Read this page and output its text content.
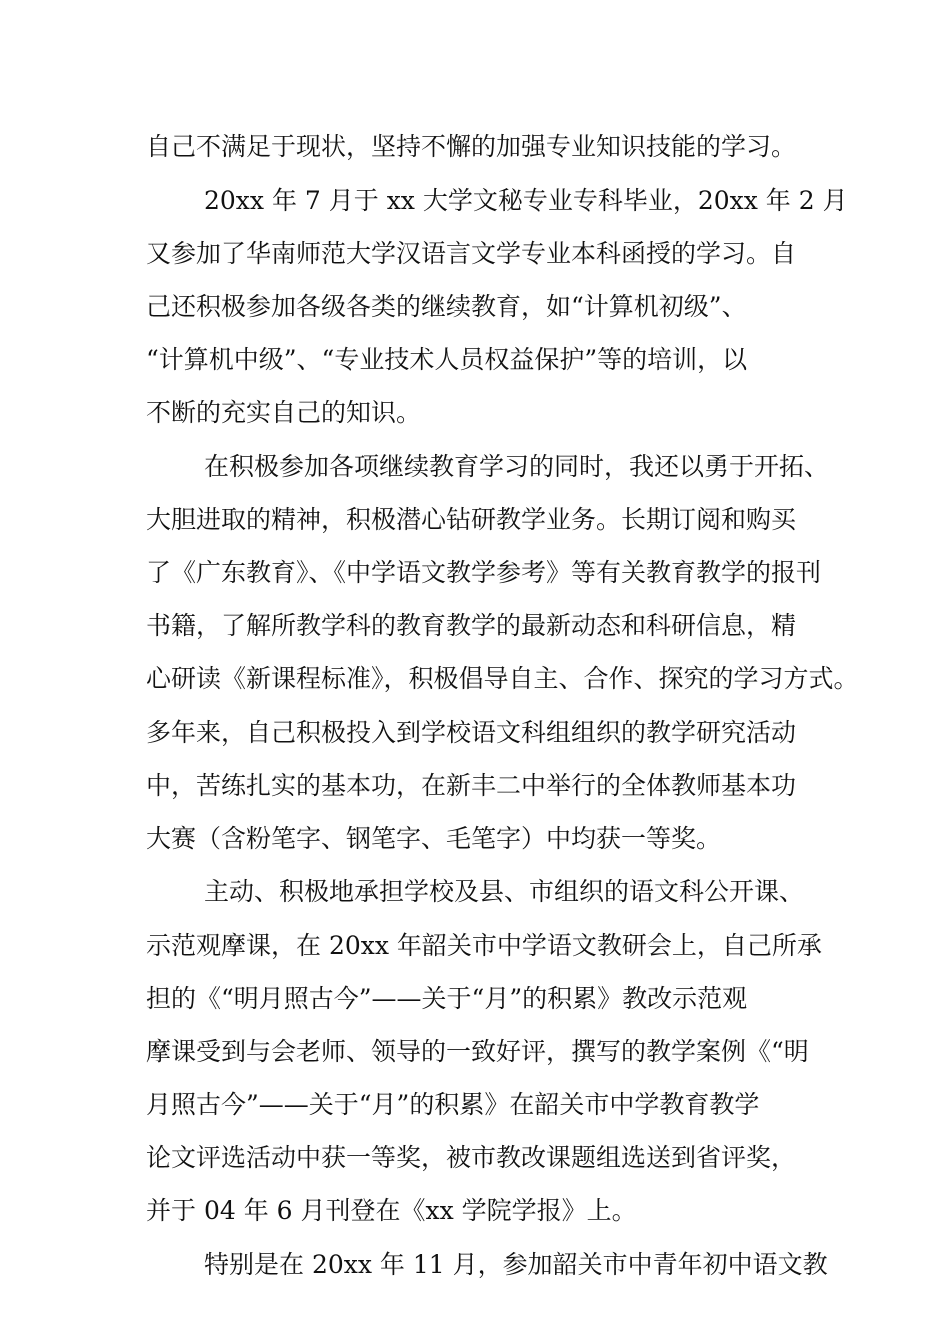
自己不满足于现状，坚持不懈的加强专业知识技能的学习。

20xx 年 7 月于 xx 大学文秘专业专科毕业，20xx 年 2 月

又参加了华南师范大学汉语言文学专业本科函授的学习。自

己还积极参加各级各类的继续教育，如“计算机初级”、

“计算机中级”、“专业技术人员权益保护”等的培训，以

不断的充实自己的知识。

在积极参加各项继续教育学习的同时，我还以勇于开拓、

大胆进取的精神，积极潜心钻研教学业务。长期订阅和购买

了《广东教育》、《中学语文教学参考》等有关教育教学的报刊

书籍，了解所教学科的教育教学的最新动态和科研信息，精

心研读《新课程标准》，积极倡导自主、合作、探究的学习方式。

多年来，自己积极投入到学校语文科组组织的教学研究活动

中，苦练扎实的基本功，在新丰二中举行的全体教师基本功

大赛（含粉笔字、钢笔字、毛笔字）中均获一等奖。

主动、积极地承担学校及县、市组织的语文科公开课、

示范观摩课，在 20xx 年韶关市中学语文教研会上，自己所承

担的《“明月照古今”——关于“月”的积累》教改示范观

摩课受到与会老师、领导的一致好评，撰写的教学案例《“明

月照古今”——关于“月”的积累》在韶关市中学教育教学

论文评选活动中获一等奖，被市教改课题组选送到省评奖，

并于 04 年 6 月刊登在《xx 学院学报》上。

特别是在 20xx 年 11 月，参加韶关市中青年初中语文教
